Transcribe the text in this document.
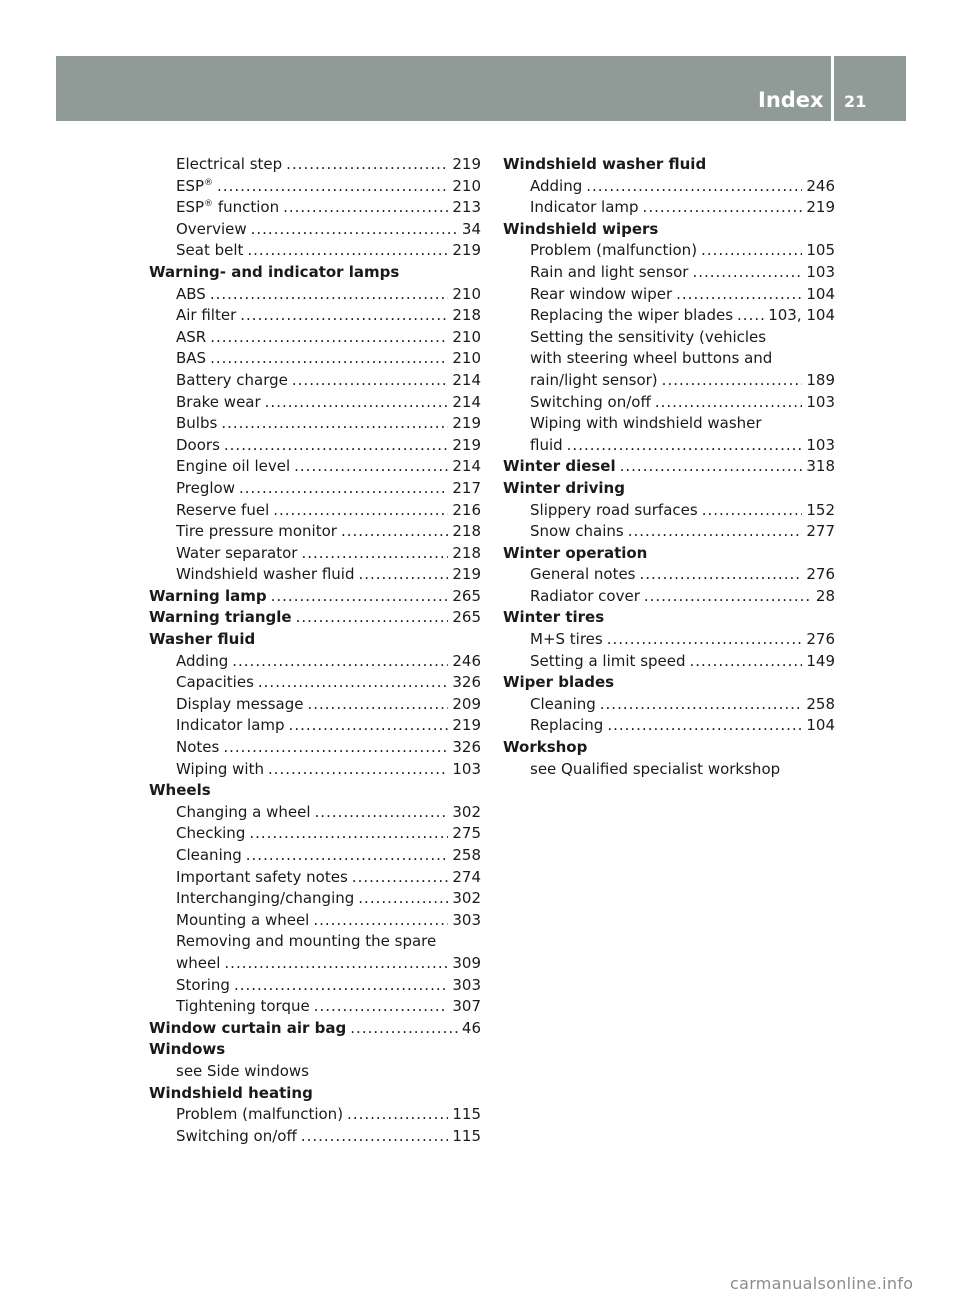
Index 21
Electrical step .....	219
ESP® .....	210
ESP® function .....	213
Overview .....	34
Seat belt .....	219
Warning- and indicator lamps
ABS .....	210
Air filter .....	218
ASR .....	210
BAS .....	210
Battery charge .....	214
Brake wear .....	214
Bulbs .....	219
Doors .....	219
Engine oil level .....	214
Preglow .....	217
Reserve fuel .....	216
Tire pressure monitor .....	218
Water separator .....	218
Windshield washer fluid .....	219
Warning lamp .....	265
Warning triangle .....	265
Washer fluid
Adding .....	246
Capacities .....	326
Display message .....	209
Indicator lamp .....	219
Notes .....	326
Wiping with .....	103
Wheels
Changing a wheel .....	302
Checking .....	275
Cleaning .....	258
Important safety notes .....	274
Interchanging/changing .....	302
Mounting a wheel .....	303
Removing and mounting the spare
wheel .....	309
Storing .....	303
Tightening torque .....	307
Window curtain air bag .....	46
Windows
see Side windows
Windshield heating
Problem (malfunction) .....	115
Switching on/off .....	115
Windshield washer fluid
Adding .....	246
Indicator lamp .....	219
Windshield wipers
Problem (malfunction) .....	105
Rain and light sensor .....	103
Rear window wiper .....	104
Replacing the wiper blades ..... 103, 104
Setting the sensitivity (vehicles
with steering wheel buttons and
rain/light sensor) .....	189
Switching on/off .....	103
Wiping with windshield washer
fluid .....	103
Winter diesel .....	318
Winter driving
Slippery road surfaces .....	152
Snow chains .....	277
Winter operation
General notes .....	276
Radiator cover .....	28
Winter tires
M+S tires .....	276
Setting a limit speed .....	149
Wiper blades
Cleaning .....	258
Replacing .....	104
Workshop
see Qualified specialist workshop
carmanualsonline.info
